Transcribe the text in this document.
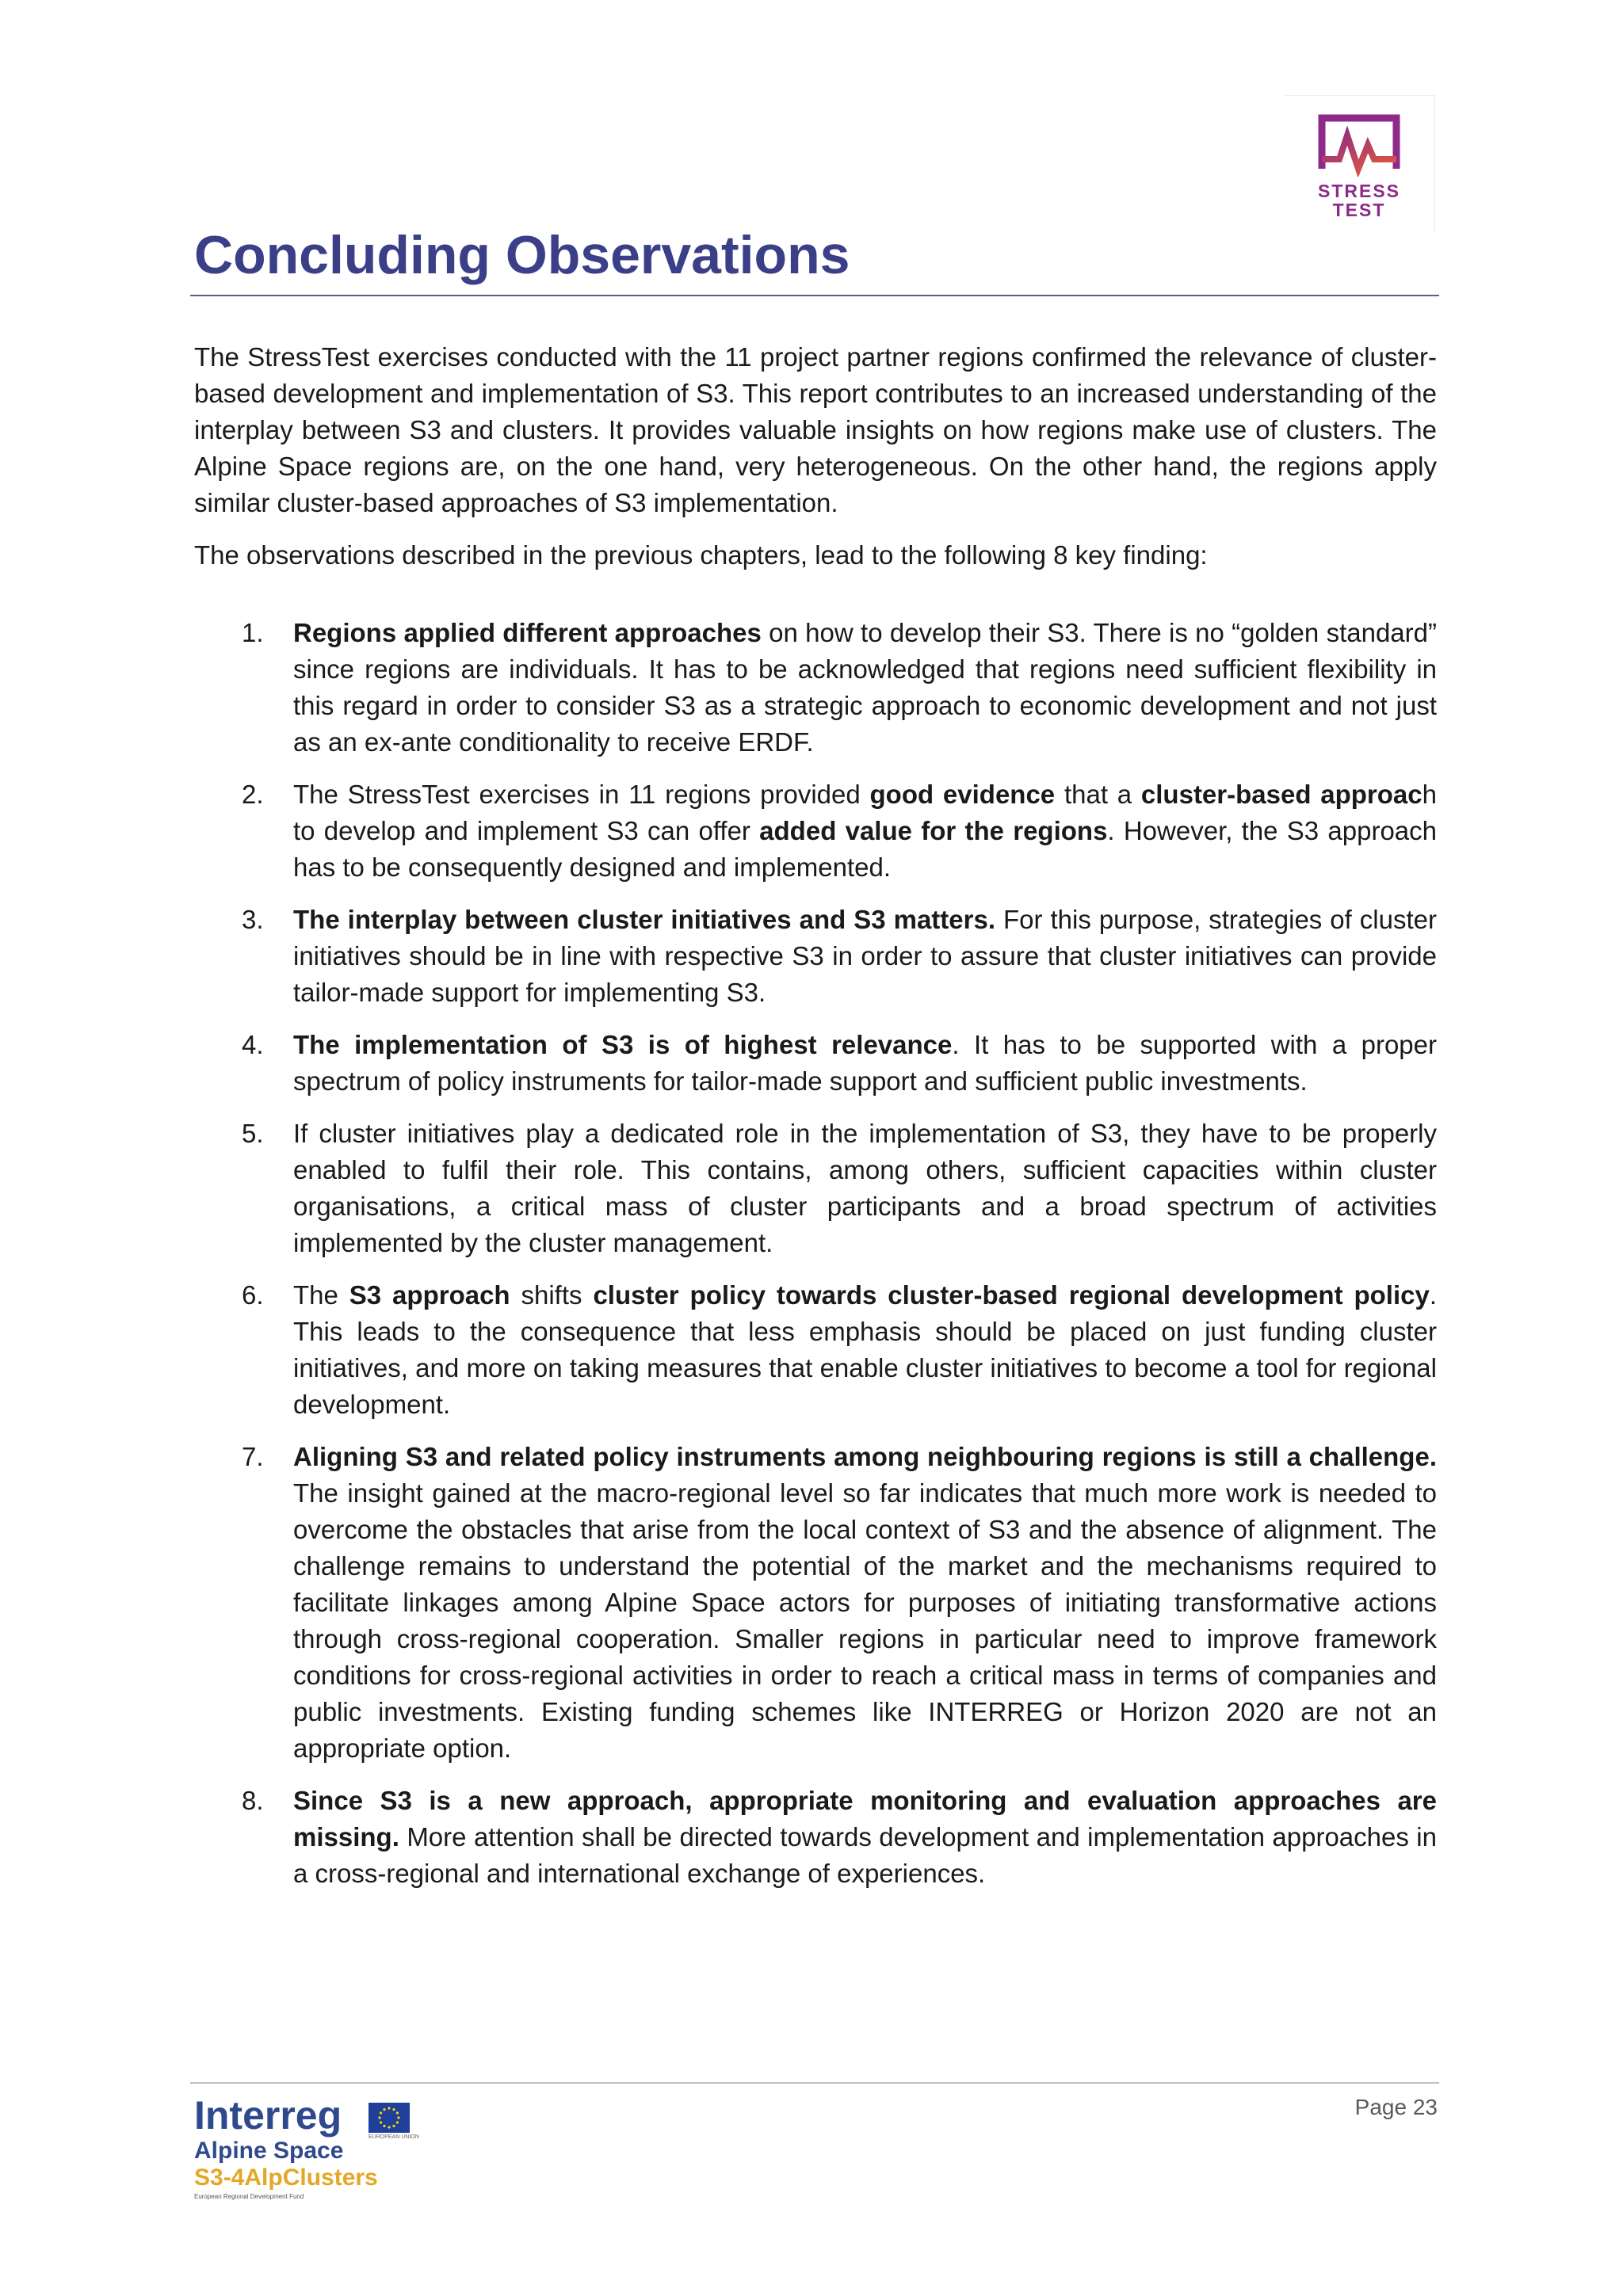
STRESS
TEST
Concluding Observations

The StressTest exercises conducted with the 11 project partner regions confirmed the relevance of cluster-based development and implementation of S3. This report contributes to an increased understanding of the interplay between S3 and clusters. It provides valuable insights on how regions make use of clusters. The Alpine Space regions are, on the one hand, very heterogeneous. On the other hand, the regions apply similar cluster-based approaches of S3 implementation.

The observations described in the previous chapters, lead to the following 8 key finding:

1. Regions applied different approaches on how to develop their S3. There is no “golden standard” since regions are individuals. It has to be acknowledged that regions need sufficient flexibility in this regard in order to consider S3 as a strategic approach to economic development and not just as an ex-ante conditionality to receive ERDF.
2. The StressTest exercises in 11 regions provided good evidence that a cluster-based approach to develop and implement S3 can offer added value for the regions. However, the S3 approach has to be consequently designed and implemented.
3. The interplay between cluster initiatives and S3 matters. For this purpose, strategies of cluster initiatives should be in line with respective S3 in order to assure that cluster initiatives can provide tailor-made support for implementing S3.
4. The implementation of S3 is of highest relevance. It has to be supported with a proper spectrum of policy instruments for tailor-made support and sufficient public investments.
5. If cluster initiatives play a dedicated role in the implementation of S3, they have to be properly enabled to fulfil their role. This contains, among others, sufficient capacities within cluster organisations, a critical mass of cluster participants and a broad spectrum of activities implemented by the cluster management.
6. The S3 approach shifts cluster policy towards cluster-based regional development policy. This leads to the consequence that less emphasis should be placed on just funding cluster initiatives, and more on taking measures that enable cluster initiatives to become a tool for regional development.
7. Aligning S3 and related policy instruments among neighbouring regions is still a challenge. The insight gained at the macro-regional level so far indicates that much more work is needed to overcome the obstacles that arise from the local context of S3 and the absence of alignment. The challenge remains to understand the potential of the market and the mechanisms required to facilitate linkages among Alpine Space actors for purposes of initiating transformative actions through cross-regional cooperation. Smaller regions in particular need to improve framework conditions for cross-regional activities in order to reach a critical mass in terms of companies and public investments. Existing funding schemes like INTERREG or Horizon 2020 are not an appropriate option.
8. Since S3 is a new approach, appropriate monitoring and evaluation approaches are missing. More attention shall be directed towards development and implementation approaches in a cross-regional and international exchange of experiences.
Page 23
Interreg	EUROPEAN UNION
Alpine Space
S3-4AlpClusters
European Regional Development Fund
